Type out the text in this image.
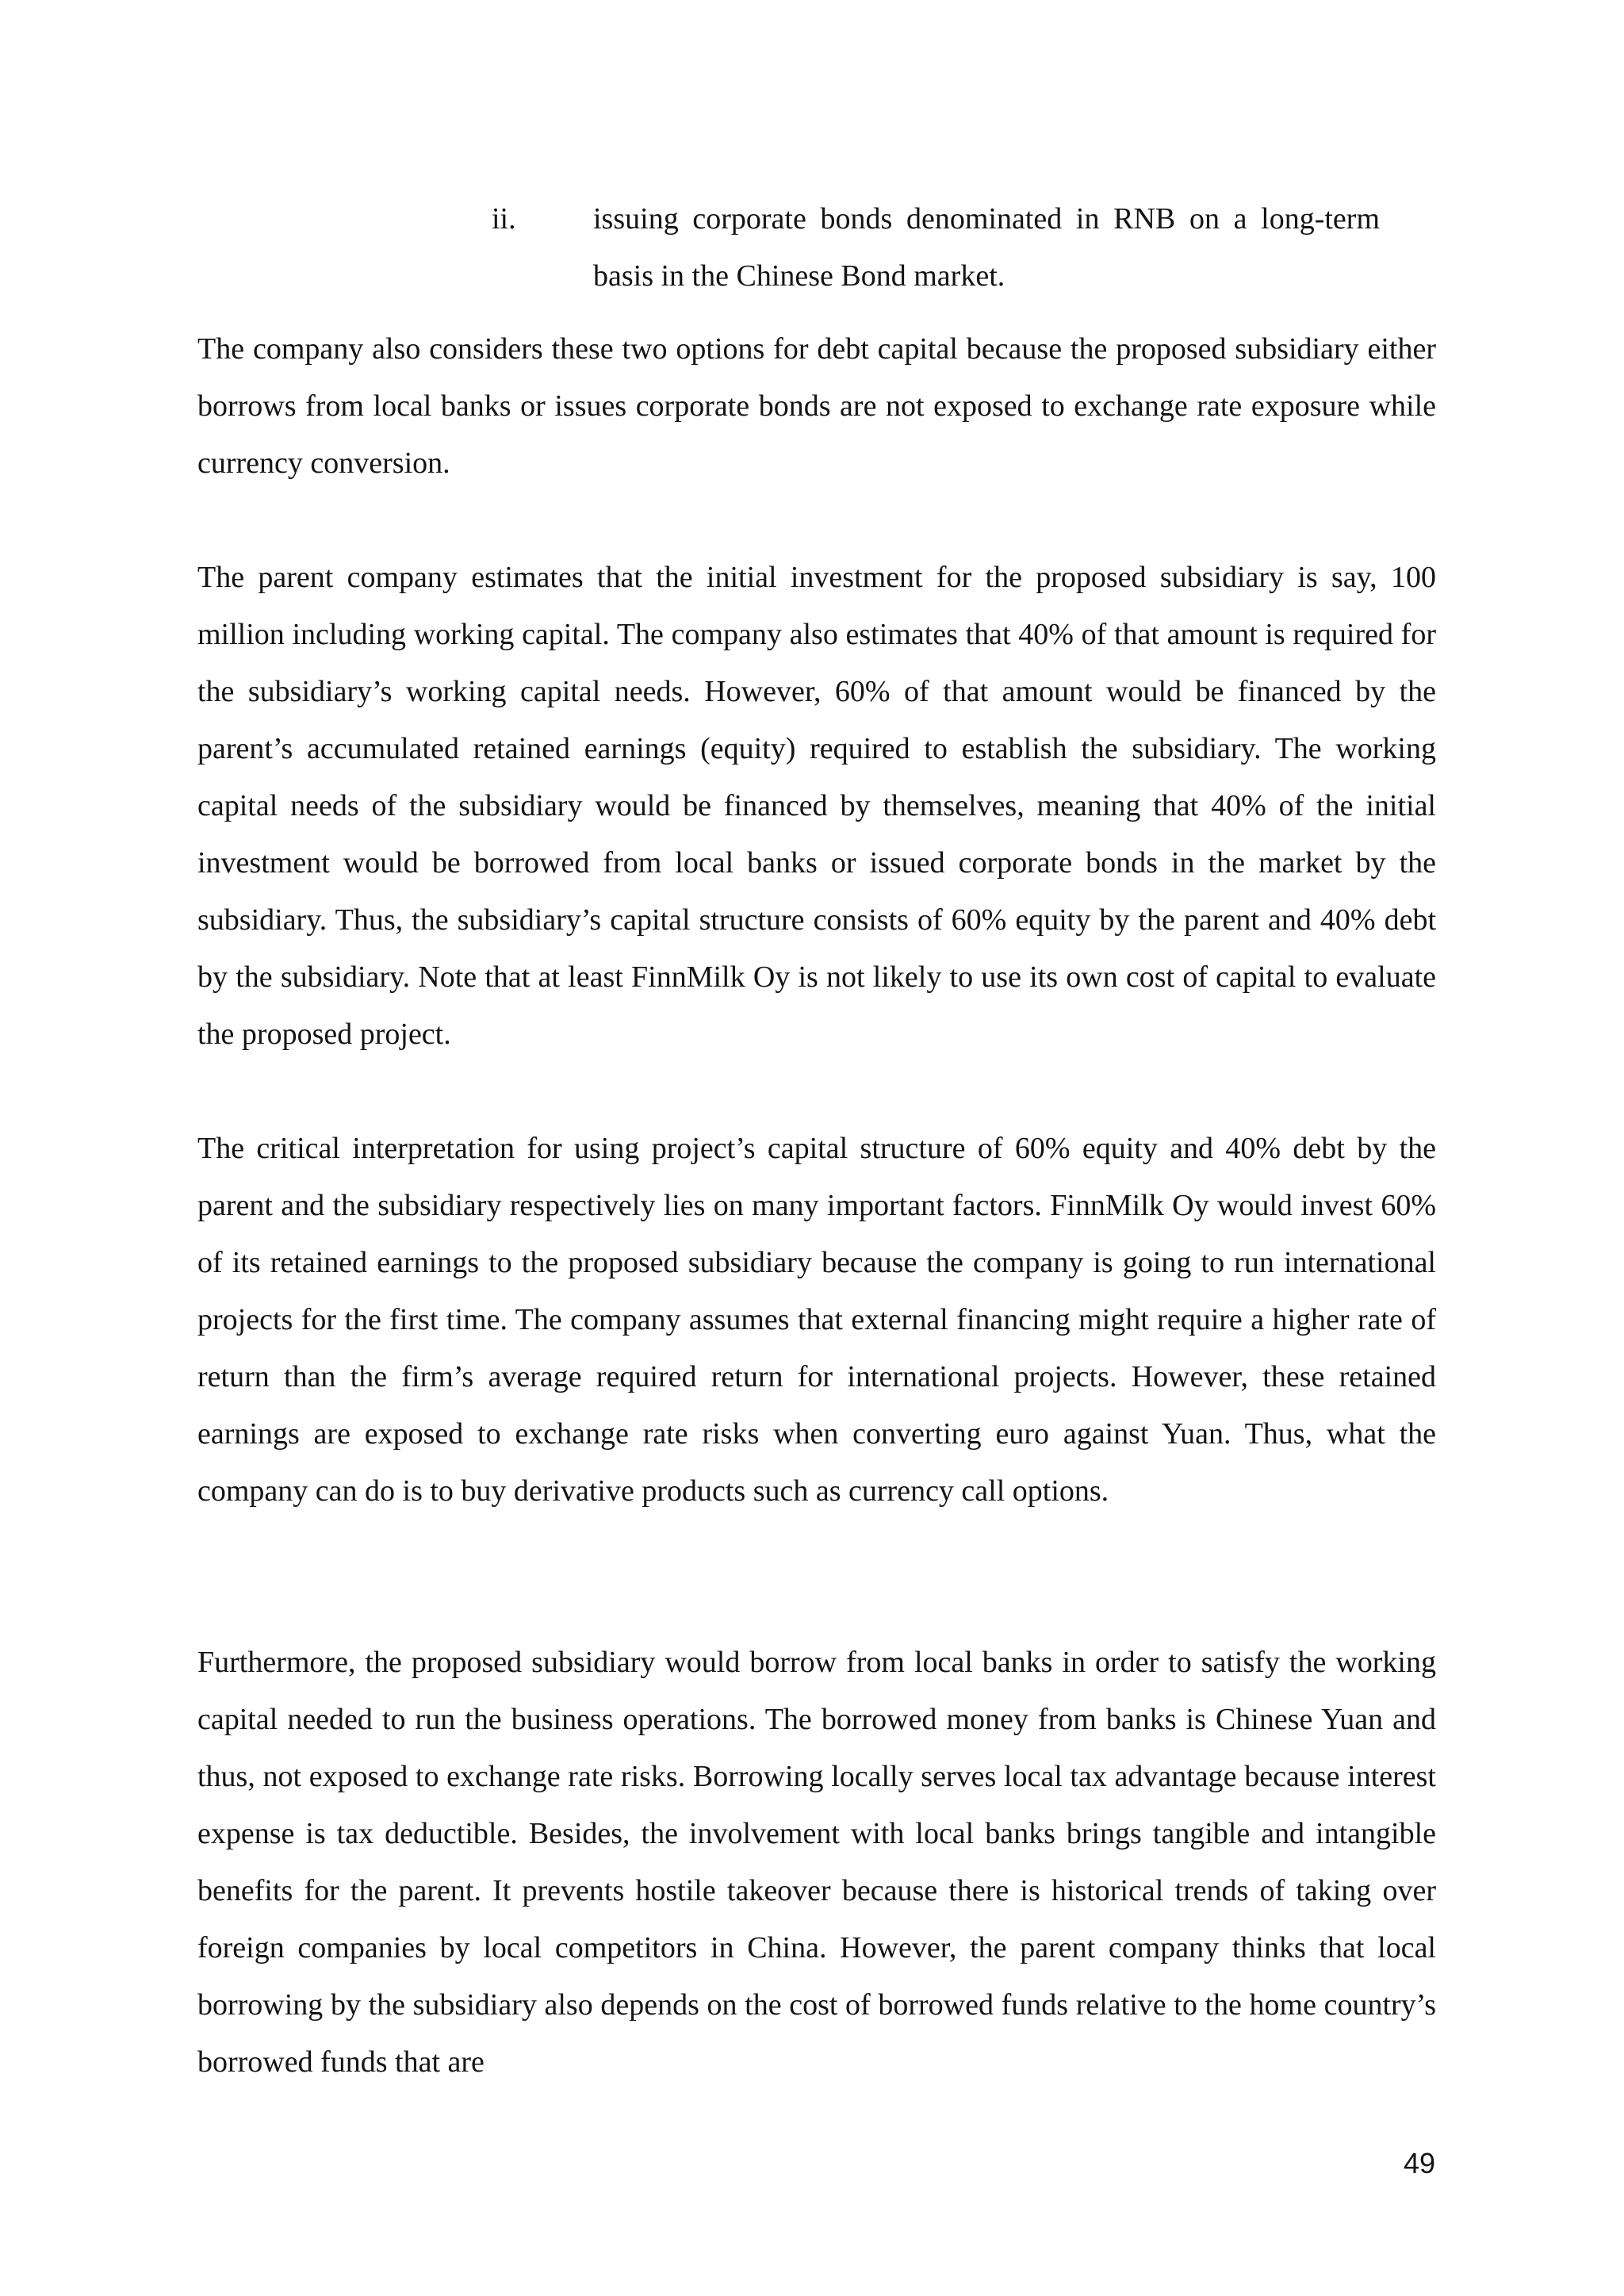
ii.	issuing corporate bonds denominated in RNB on a long-term basis in the Chinese Bond market.

The company also considers these two options for debt capital because the proposed subsidiary either borrows from local banks or issues corporate bonds are not exposed to exchange rate exposure while currency conversion.

The parent company estimates that the initial investment for the proposed subsidiary is say, 100 million including working capital. The company also estimates that 40% of that amount is required for the subsidiary’s working capital needs. However, 60% of that amount would be financed by the parent’s accumulated retained earnings (equity) required to establish the subsidiary. The working capital needs of the subsidiary would be financed by themselves, meaning that 40% of the initial investment would be borrowed from local banks or issued corporate bonds in the market by the subsidiary. Thus, the subsidiary’s capital structure consists of 60% equity by the parent and 40% debt by the subsidiary. Note that at least FinnMilk Oy is not likely to use its own cost of capital to evaluate the proposed project.

The critical interpretation for using project’s capital structure of 60% equity and 40% debt by the parent and the subsidiary respectively lies on many important factors. FinnMilk Oy would invest 60% of its retained earnings to the proposed subsidiary because the company is going to run international projects for the first time. The company assumes that external financing might require a higher rate of return than the firm’s average required return for international projects. However, these retained earnings are exposed to exchange rate risks when converting euro against Yuan. Thus, what the company can do is to buy derivative products such as currency call options.

Furthermore, the proposed subsidiary would borrow from local banks in order to satisfy the working capital needed to run the business operations. The borrowed money from banks is Chinese Yuan and thus, not exposed to exchange rate risks. Borrowing locally serves local tax advantage because interest expense is tax deductible. Besides, the involvement with local banks brings tangible and intangible benefits for the parent. It prevents hostile takeover because there is historical trends of taking over foreign companies by local competitors in China. However, the parent company thinks that local borrowing by the subsidiary also depends on the cost of borrowed funds relative to the home country’s borrowed funds that are

49
